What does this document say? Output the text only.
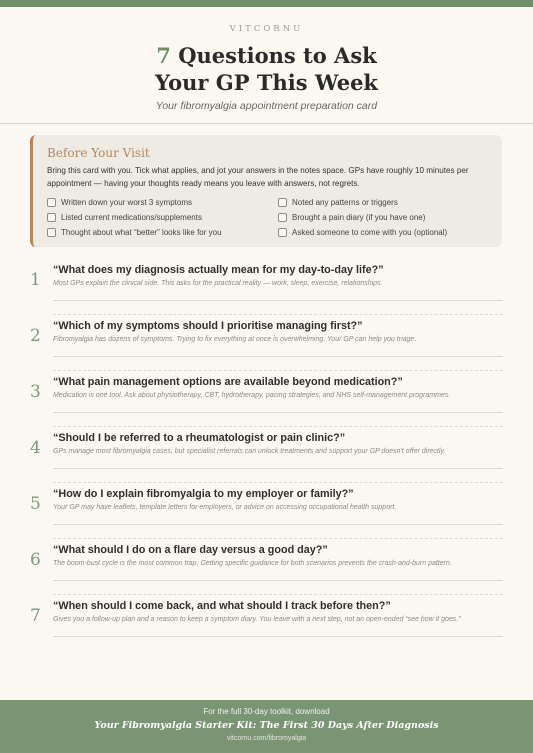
VITCORNU
7 Questions to Ask
Your GP This Week
Your fibromyalgia appointment preparation card
Before Your Visit
Bring this card with you. Tick what applies, and jot your answers in the notes space. GPs have roughly 10 minutes per appointment — having your thoughts ready means you leave with answers, not regrets.
Written down your worst 3 symptoms	Noted any patterns or triggers
Listed current medications/supplements	Brought a pain diary (if you have one)
Thought about what “better” looks like for you	Asked someone to come with you (optional)
1	“What does my diagnosis actually mean for my day-to-day life?”
Most GPs explain the clinical side. This asks for the practical reality — work, sleep, exercise, relationships.
2	“Which of my symptoms should I prioritise managing first?”
Fibromyalgia has dozens of symptoms. Trying to fix everything at once is overwhelming. Your GP can help you triage.
3	“What pain management options are available beyond medication?”
Medication is one tool. Ask about physiotherapy, CBT, hydrotherapy, pacing strategies, and NHS self-management programmes.
4	“Should I be referred to a rheumatologist or pain clinic?”
GPs manage most fibromyalgia cases, but specialist referrals can unlock treatments and support your GP doesn't offer directly.
5	“How do I explain fibromyalgia to my employer or family?”
Your GP may have leaflets, template letters for employers, or advice on accessing occupational health support.
6	“What should I do on a flare day versus a good day?”
The boom-bust cycle is the most common trap. Getting specific guidance for both scenarios prevents the crash-and-burn pattern.
7	“When should I come back, and what should I track before then?”
Gives you a follow-up plan and a reason to keep a symptom diary. You leave with a next step, not an open-ended “see how it goes.”
For the full 30-day toolkit, download
Your Fibromyalgia Starter Kit: The First 30 Days After Diagnosis
vitcornu.com/fibromyalgia
